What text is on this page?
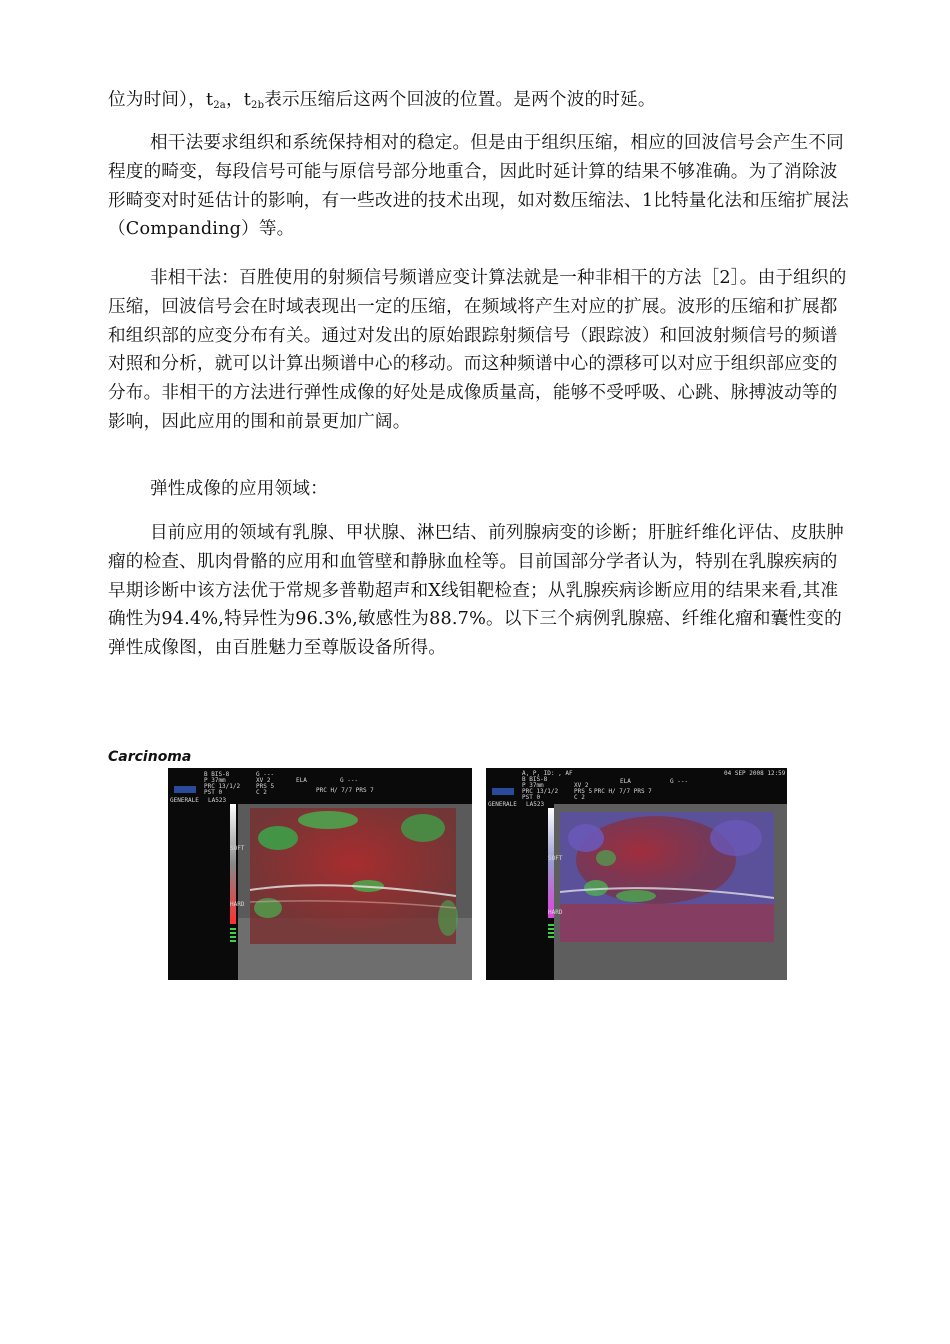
位为时间），$t_{2a}$，$t_{2b}$表示压缩后这两个回波的位置。是两个波的时延。

相干法要求组织和系统保持相对的稳定。但是由于组织压缩，相应的回波信号会产生不同程度的畸变，每段信号可能与原信号部分地重合，因此时延计算的结果不够准确。为了消除波形畸变对时延估计的影响，有一些改进的技术出现，如对数压缩法、1比特量化法和压缩扩展法（Companding）等。

非相干法：百胜使用的射频信号频谱应变计算法就是一种非相干的方法［2］。由于组织的压缩，回波信号会在时域表现出一定的压缩，在频域将产生对应的扩展。波形的压缩和扩展都和组织部的应变分布有关。通过对发出的原始跟踪射频信号（跟踪波）和回波射频信号的频谱对照和分析，就可以计算出频谱中心的移动。而这种频谱中心的漂移可以对应于组织部应变的分布。非相干的方法进行弹性成像的好处是成像质量高，能够不受呼吸、心跳、脉搏波动等的影响，因此应用的围和前景更加广阔。

弹性成像的应用领域：

目前应用的领域有乳腺、甲状腺、淋巴结、前列腺病变的诊断；肝脏纤维化评估、皮肤肿瘤的检查、肌肉骨骼的应用和血管壁和静脉血栓等。目前国部分学者认为，特别在乳腺疾病的早期诊断中该方法优于常规多普勒超声和X线钼靶检查；从乳腺疾病诊断应用的结果来看,其准确性为94.4%,特异性为96.3%,敏感性为88.7%。以下三个病例乳腺癌、纤维化瘤和囊性变的弹性成像图，由百胜魅力至尊版设备所得。

Carcinoma
B BIS-8
P 37mm
PRC 13/1/2
PST 0
G ---
XV 2
PRS 5
C 2
ELA	G ---
PRC H/ 7/7 PRS 7
GENERALE LA523
SOFT
HARD
A, P, ID: , AF	04 SEP 2008 12:59
B BIS-8
P 37mm
PRC 13/1/2
PST 0
XV 2
PRS 5
C 2
ELA	G ---
PRC H/ 7/7 PRS 7
GENERALE LA523
SOFT
HARD
